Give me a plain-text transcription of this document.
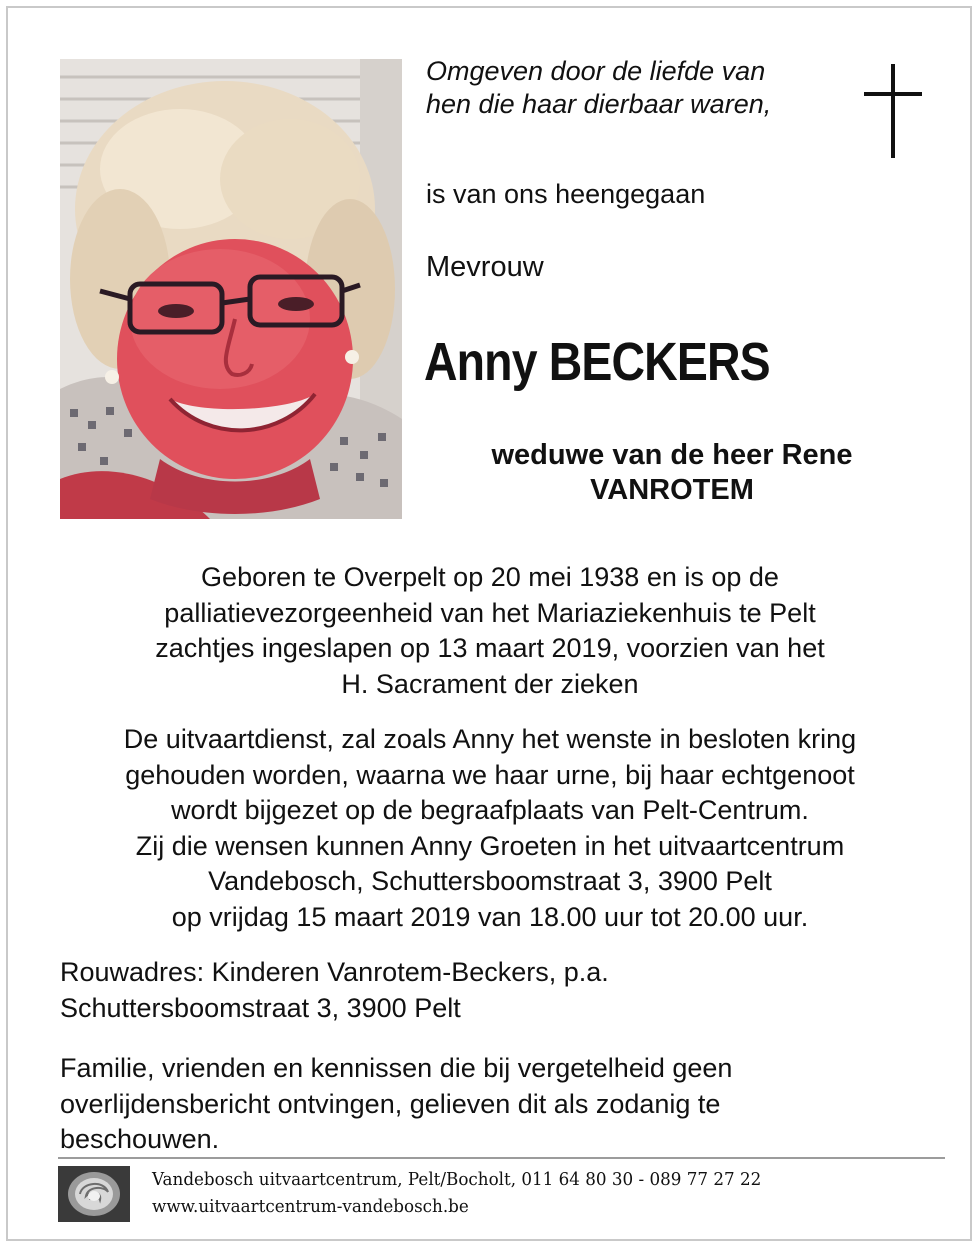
Omgeven door de liefde van
hen die haar dierbaar waren,
is van ons heengegaan
Mevrouw
Anny BECKERS
weduwe van de heer Rene
VANROTEM
Geboren te Overpelt op 20 mei 1938 en is op de
palliatievezorgeenheid van het Mariaziekenhuis te Pelt
zachtjes ingeslapen op 13 maart 2019, voorzien van het
H. Sacrament der zieken
De uitvaartdienst, zal zoals Anny het wenste in besloten kring
gehouden worden, waarna we haar urne, bij haar echtgenoot
wordt bijgezet op de begraafplaats van Pelt-Centrum.
Zij die wensen kunnen Anny Groeten in het uitvaartcentrum
Vandebosch, Schuttersboomstraat 3, 3900 Pelt
op vrijdag 15 maart 2019 van 18.00 uur tot 20.00 uur.
Rouwadres: Kinderen Vanrotem-Beckers, p.a.
Schuttersboomstraat 3, 3900 Pelt
Familie, vrienden en kennissen die bij vergetelheid geen
overlijdensbericht ontvingen, gelieven dit als zodanig te
beschouwen.
Vandebosch uitvaartcentrum, Pelt/Bocholt, 011 64 80 30 - 089 77 27 22
www.uitvaartcentrum-vandebosch.be
